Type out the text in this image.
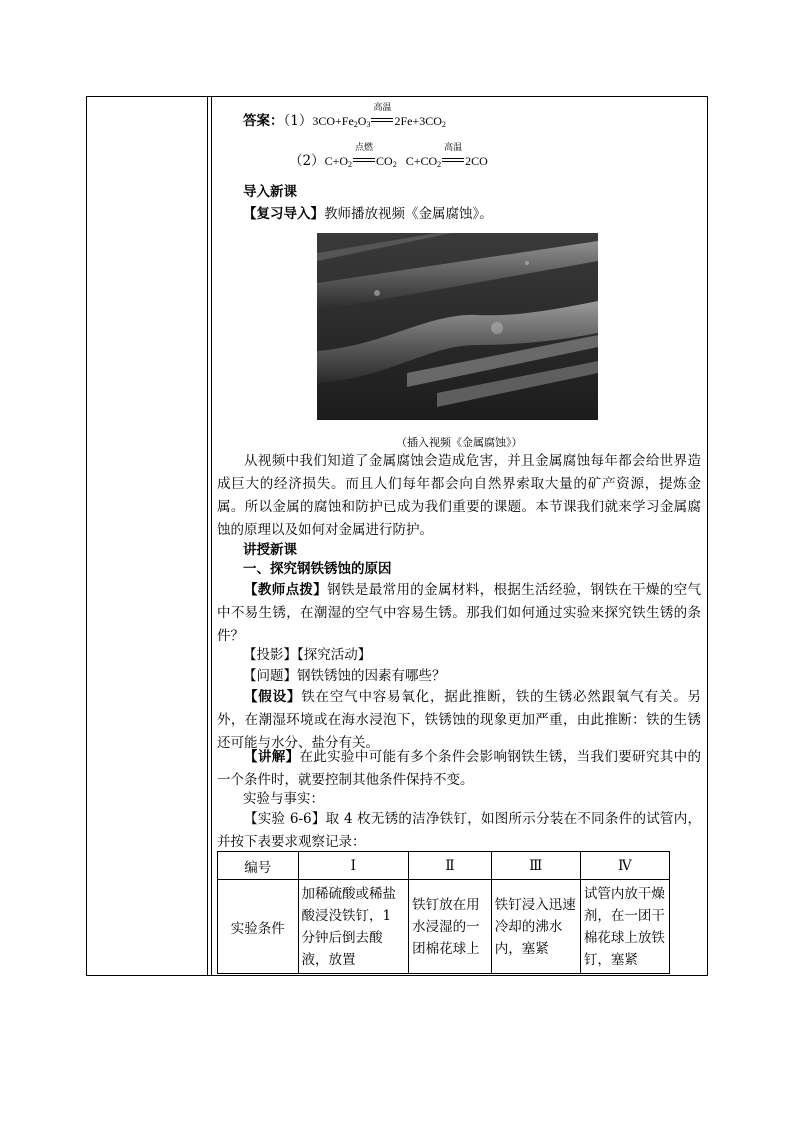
答案：$(1)3CO+Fe_2O_3$
高温
$2Fe+3CO_2$
$(2)C+O_2$
点燃
$CO_2$   $C+CO_2$
高温
2CO
导入新课
【复习导入】教师播放视频《金属腐蚀》。
（插入视频《金属腐蚀》）
从视频中我们知道了金属腐蚀会造成危害，并且金属腐蚀每年都会给世界造成巨大的经济损失。而且人们每年都会向自然界索取大量的矿产资源，提炼金属。所以金属的腐蚀和防护已成为我们重要的课题。本节课我们就来学习金属腐蚀的原理以及如何对金属进行防护。
讲授新课
一、探究钢铁锈蚀的原因
【教师点拨】钢铁是最常用的金属材料，根据生活经验，钢铁在干燥的空气中不易生锈，在潮湿的空气中容易生锈。那我们如何通过实验来探究铁生锈的条件？
【投影】【探究活动】
【问题】钢铁锈蚀的因素有哪些？
【假设】铁在空气中容易氧化，据此推断，铁的生锈必然跟氧气有关。另外，在潮湿环境或在海水浸泡下，铁锈蚀的现象更加严重，由此推断：铁的生锈还可能与水分、盐分有关。
【讲解】在此实验中可能有多个条件会影响钢铁生锈，当我们要研究其中的一个条件时，就要控制其他条件保持不变。
实验与事实：
【实验 6-6】取 4 枚无锈的洁净铁钉，如图所示分装在不同条件的试管内，并按下表要求观察记录：
编号	Ⅰ	Ⅱ	Ⅲ	Ⅳ
实验条件	加稀硫酸或稀盐酸浸没铁钉，1 分钟后倒去酸液，放置	铁钉放在用水浸湿的一团棉花球上	铁钉浸入迅速冷却的沸水内，塞紧	试管内放干燥剂，在一团干棉花球上放铁钉，塞紧
